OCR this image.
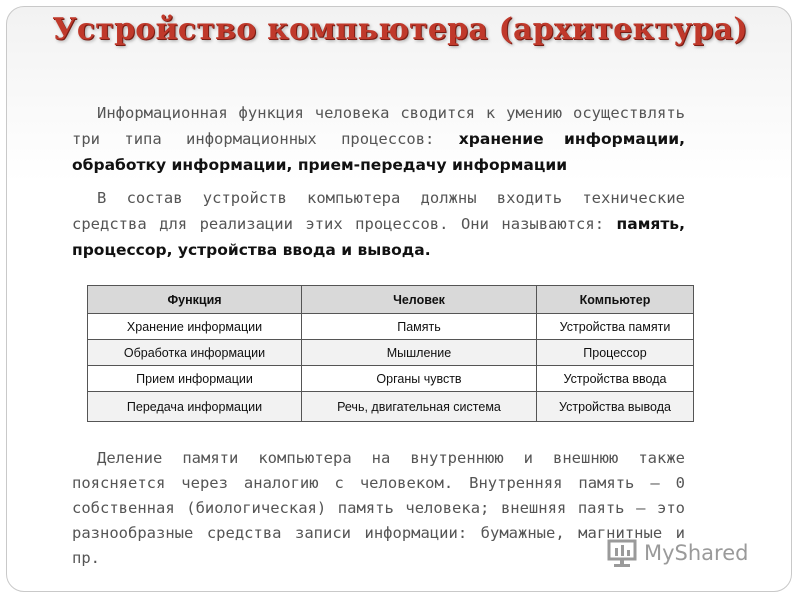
Устройство компьютера (архитектура)

Информационная функция человека сводится к умению осуществлять три типа информационных процессов: хранение информации, обработку информации, прием-передачу информации

В состав устройств компьютера должны входить технические средства для реализации этих процессов. Они называются: память, процессор, устройства ввода и вывода.

Функция	Человек	Компьютер
Хранение информации	Память	Устройства памяти
Обработка информации	Мышление	Процессор
Прием информации	Органы чувств	Устройства ввода
Передача информации	Речь, двигательная система	Устройства вывода

Деление памяти компьютера на внутреннюю и внешнюю также поясняется через аналогию с человеком. Внутренняя память — 0 собственная (биологическая) память человека; внешняя паять — это разнообразные средства записи информации: бумажные, магнитные и пр.	MyShared
